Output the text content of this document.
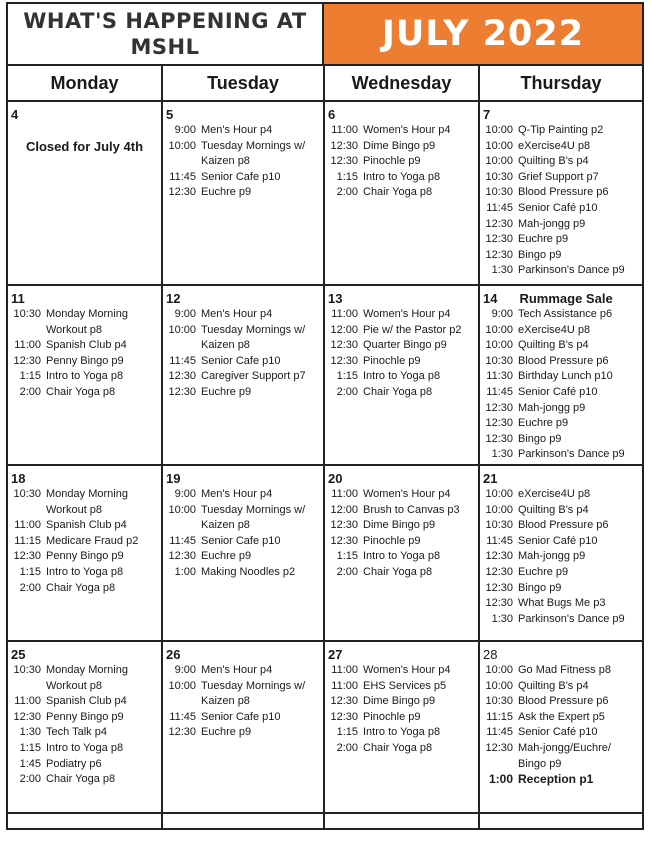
WHAT'S HAPPENING AT MSHL	JULY 2022
Monday	Tuesday	Wednesday	Thursday
4
Closed for July 4th
5
9:00 Men's Hour p4
10:00 Tuesday Mornings w/
Kaizen p8
11:45 Senior Cafe p10
12:30 Euchre p9
6
11:00 Women's Hour p4
12:30 Dime Bingo p9
12:30 Pinochle p9
1:15 Intro to Yoga p8
2:00 Chair Yoga p8
7
10:00 Q-Tip Painting p2
10:00 eXercise4U p8
10:00 Quilting B's p4
10:30 Grief Support p7
10:30 Blood Pressure p6
11:45 Senior Café p10
12:30 Mah-jongg p9
12:30 Euchre p9
12:30 Bingo p9
1:30 Parkinson's Dance p9
11
10:30 Monday Morning
Workout p8
11:00 Spanish Club p4
12:30 Penny Bingo p9
1:15 Intro to Yoga p8
2:00 Chair Yoga p8
12
9:00 Men's Hour p4
10:00 Tuesday Mornings w/
Kaizen p8
11:45 Senior Cafe p10
12:30 Caregiver Support p7
12:30 Euchre p9
13
11:00 Women's Hour p4
12:00 Pie w/ the Pastor p2
12:30 Quarter Bingo p9
12:30 Pinochle p9
1:15 Intro to Yoga p8
2:00 Chair Yoga p8
14 Rummage Sale
9:00 Tech Assistance p6
10:00 eXercise4U p8
10:00 Quilting B's p4
10:30 Blood Pressure p6
11:30 Birthday Lunch p10
11:45 Senior Café p10
12:30 Mah-jongg p9
12:30 Euchre p9
12:30 Bingo p9
1:30 Parkinson's Dance p9
18
10:30 Monday Morning
Workout p8
11:00 Spanish Club p4
11:15 Medicare Fraud p2
12:30 Penny Bingo p9
1:15 Intro to Yoga p8
2:00 Chair Yoga p8
19
9:00 Men's Hour p4
10:00 Tuesday Mornings w/
Kaizen p8
11:45 Senior Cafe p10
12:30 Euchre p9
1:00 Making Noodles p2
20
11:00 Women's Hour p4
12:00 Brush to Canvas p3
12:30 Dime Bingo p9
12:30 Pinochle p9
1:15 Intro to Yoga p8
2:00 Chair Yoga p8
21
10:00 eXercise4U p8
10:00 Quilting B's p4
10:30 Blood Pressure p6
11:45 Senior Café p10
12:30 Mah-jongg p9
12:30 Euchre p9
12:30 Bingo p9
12:30 What Bugs Me p3
1:30 Parkinson's Dance p9
25
10:30 Monday Morning
Workout p8
11:00 Spanish Club p4
12:30 Penny Bingo p9
1:30 Tech Talk p4
1:15 Intro to Yoga p8
1:45 Podiatry p6
2:00 Chair Yoga p8
26
9:00 Men's Hour p4
10:00 Tuesday Mornings w/
Kaizen p8
11:45 Senior Cafe p10
12:30 Euchre p9
27
11:00 Women's Hour p4
11:00 EHS Services p5
12:30 Dime Bingo p9
12:30 Pinochle p9
1:15 Intro to Yoga p8
2:00 Chair Yoga p8
28
10:00 Go Mad Fitness p8
10:00 Quilting B's p4
10:30 Blood Pressure p6
11:15 Ask the Expert p5
11:45 Senior Café p10
12:30 Mah-jongg/Euchre/
Bingo p9
1:00 Reception p1
